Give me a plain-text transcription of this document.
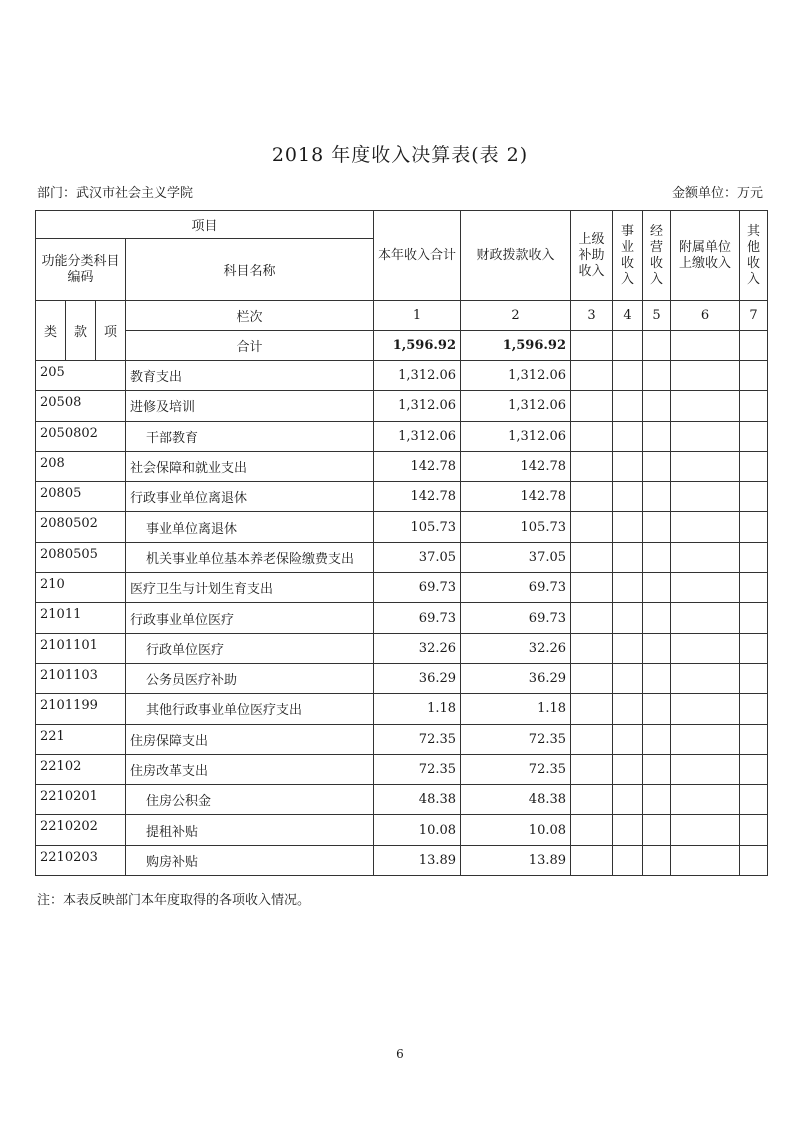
2018 年度收入决算表(表 2)
部门：武汉市社会主义学院	金额单位：万元
项目				本年收入合计	财政拨款收入	上级补助收入	事业收入	经营收入	附属单位上缴收入	其他收入
功能分类科目编码			科目名称							
类	款	项	栏次	1	2	3	4	5	6	7
			合计	1,596.92	1,596.92					
205			教育支出	1,312.06	1,312.06					
20508			进修及培训	1,312.06	1,312.06					
2050802			干部教育	1,312.06	1,312.06					
208			社会保障和就业支出	142.78	142.78					
20805			行政事业单位离退休	142.78	142.78					
2080502			事业单位离退休	105.73	105.73					
2080505			机关事业单位基本养老保险缴费支出	37.05	37.05					
210			医疗卫生与计划生育支出	69.73	69.73					
21011			行政事业单位医疗	69.73	69.73					
2101101			行政单位医疗	32.26	32.26					
2101103			公务员医疗补助	36.29	36.29					
2101199			其他行政事业单位医疗支出	1.18	1.18					
221			住房保障支出	72.35	72.35					
22102			住房改革支出	72.35	72.35					
2210201			住房公积金	48.38	48.38					
2210202			提租补贴	10.08	10.08					
2210203			购房补贴	13.89	13.89					
注：本表反映部门本年度取得的各项收入情况。
6
